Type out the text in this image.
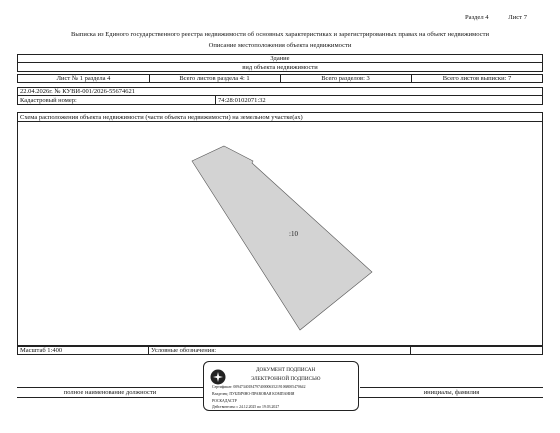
Раздел 4	Лист 7
Выписка из Единого государственного реестра недвижимости об основных характеристиках и зарегистрированных правах на объект недвижимости
Описание местоположения объекта недвижимости
Здание
вид объекта недвижимости
Лист № 1 раздела 4	Всего листов раздела 4: 1	Всего разделов: 3	Всего листов выписки: 7
22.04.2026г. № КУВИ-001/2026-55674621
Кадастровый номер:	74:28:0102071:32
Схема расположения объекта недвижимости (части объекта недвижимости) на земельном участке(ах)
:10
Масштаб 1:400	Условные обозначения:
полное наименование должности	инициалы, фамилия
ДОКУМЕНТ ПОДПИСАН
ЭЛЕКТРОННОЙ ПОДПИСЬЮ
Сертификат: 00947340184797400006352191068005470642
Владелец: ПУБЛИЧНО-ПРАВОВАЯ КОМПАНИЯ
РОСКАДАСТР
Действителен: с 24.12.2025 по 19.03.2027
